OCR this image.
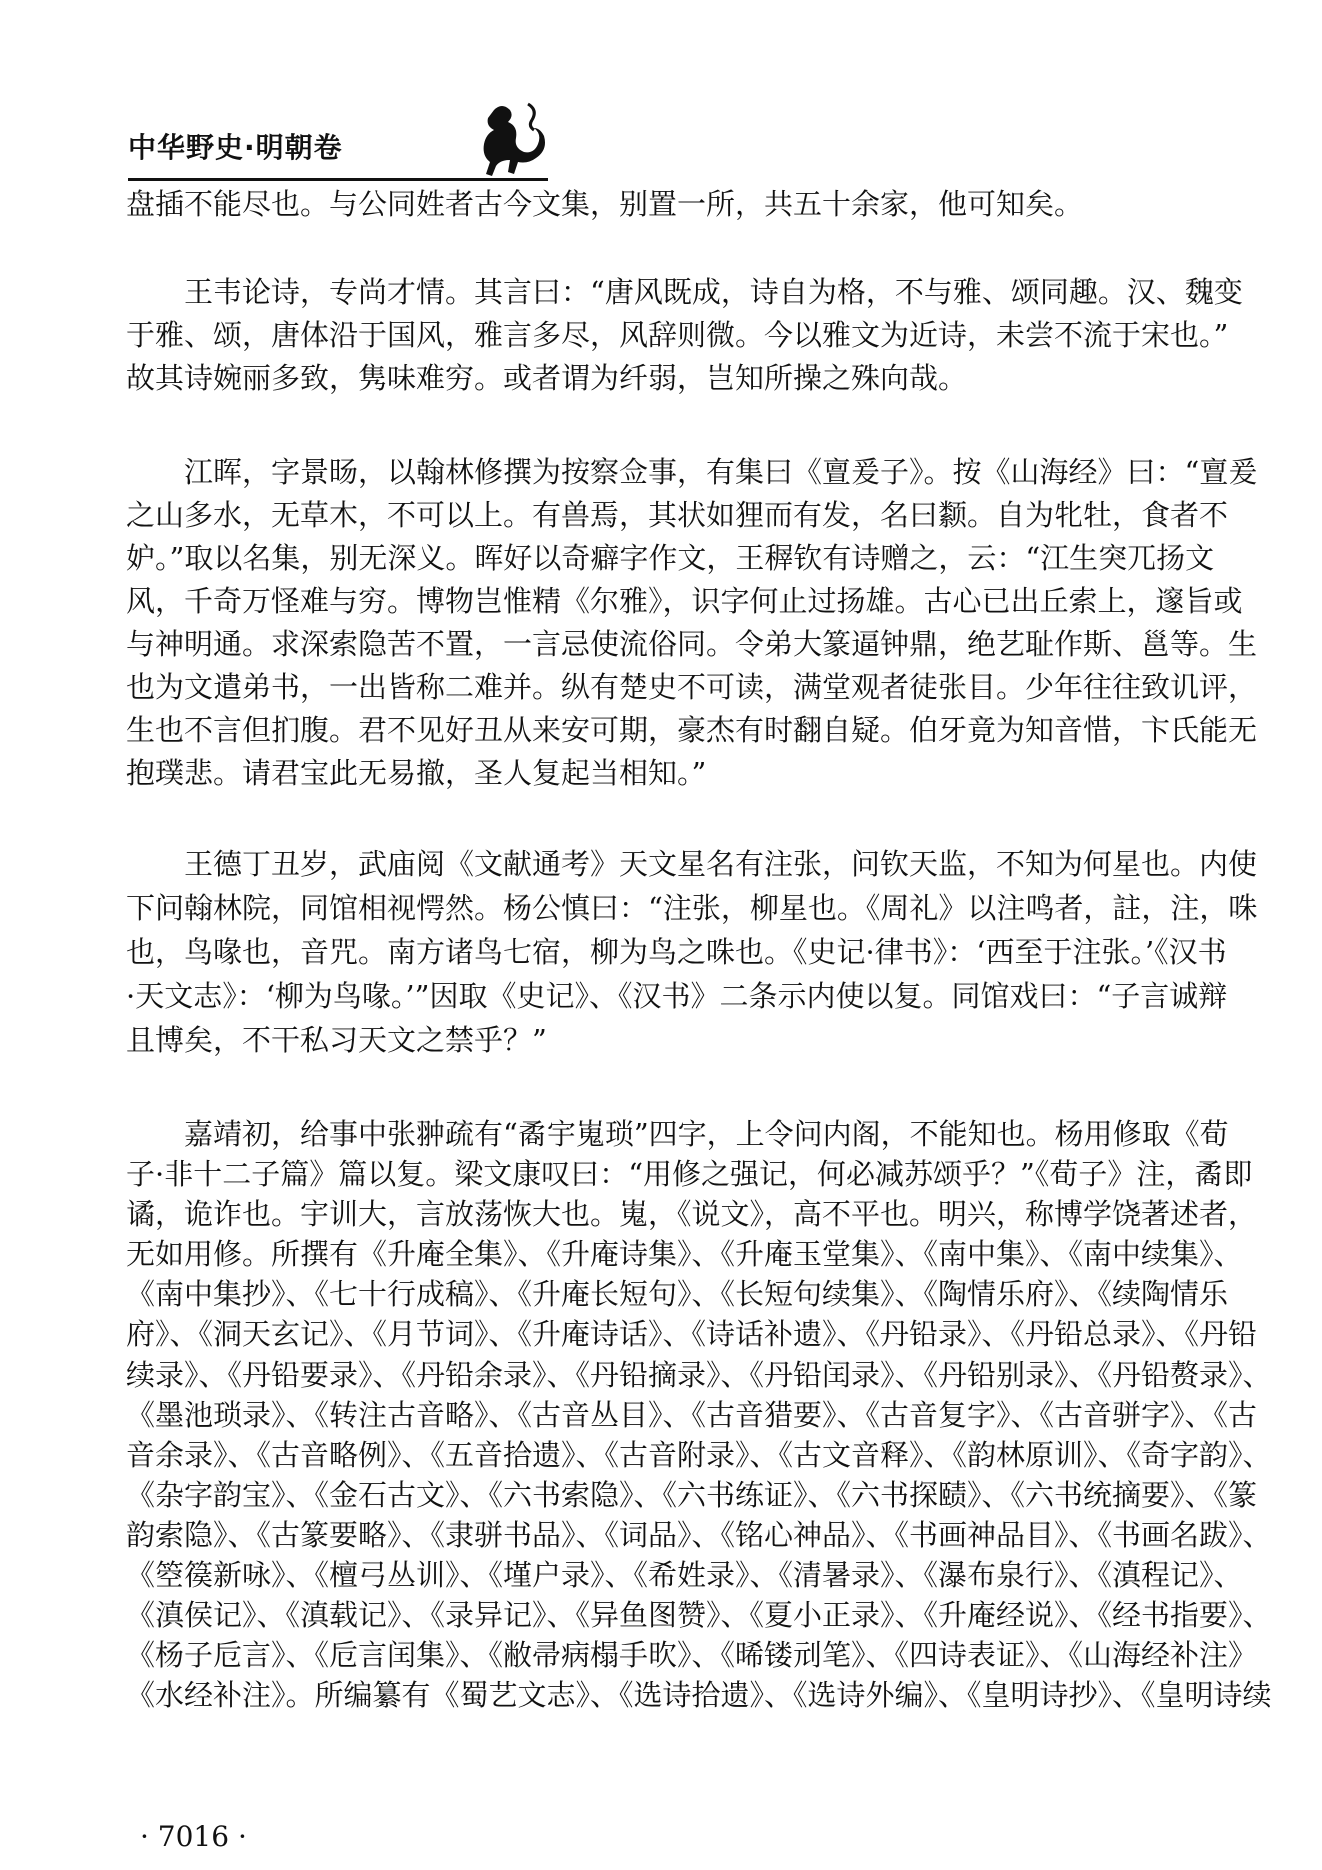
中华野史·明朝卷
盘插不能尽也。与公同姓者古今文集，别置一所，共五十余家，他可知矣。
王韦论诗，专尚才情。其言曰：“唐风既成，诗自为格，不与雅、颂同趣。汉、魏变
于雅、颂，唐体沿于国风，雅言多尽，风辞则微。今以雅文为近诗，未尝不流于宋也。”
故其诗婉丽多致，隽味难穷。或者谓为纤弱，岂知所操之殊向哉。
江晖，字景旸，以翰林修撰为按察佥事，有集曰《亶爰子》。按《山海经》曰：“亶爰
之山多水，无草木，不可以上。有兽焉，其状如狸而有发，名曰颣。自为牝牡，食者不
妒。”取以名集，别无深义。晖好以奇癖字作文，王稺钦有诗赠之，云：“江生突兀扬文
风，千奇万怪难与穷。博物岂惟精《尔雅》，识字何止过扬雄。古心已出丘索上，邃旨或
与神明通。求深索隐苦不置，一言忌使流俗同。令弟大篆逼钟鼎，绝艺耻作斯、邕等。生
也为文遣弟书，一出皆称二难并。纵有楚史不可读，满堂观者徒张目。少年往往致讥评，
生也不言但扪腹。君不见好丑从来安可期，豪杰有时翻自疑。伯牙竟为知音惜，卞氏能无
抱璞悲。请君宝此无易撤，圣人复起当相知。”
王德丁丑岁，武庙阅《文献通考》天文星名有注张，问钦天监，不知为何星也。内使
下问翰林院，同馆相视愕然。杨公慎曰：“注张，柳星也。《周礼》以注鸣者，註，注，咮
也，鸟喙也，音咒。南方诸鸟七宿，柳为鸟之咮也。《史记·律书》：‘西至于注张。’《汉书
·天文志》：‘柳为鸟喙。’”因取《史记》、《汉书》二条示内使以复。同馆戏曰：“子言诚辩
且博矣，不干私习天文之禁乎？”
嘉靖初，给事中张翀疏有“矞宇嵬琐”四字，上令问内阁，不能知也。杨用修取《荀
子·非十二子篇》篇以复。梁文康叹曰：“用修之强记，何必减苏颂乎？”《荀子》注，矞即
谲，诡诈也。宇训大，言放荡恢大也。嵬，《说文》，高不平也。明兴，称博学饶著述者，
无如用修。所撰有《升庵全集》、《升庵诗集》、《升庵玉堂集》、《南中集》、《南中续集》、
《南中集抄》、《七十行成稿》、《升庵长短句》、《长短句续集》、《陶情乐府》、《续陶情乐
府》、《洞天玄记》、《月节词》、《升庵诗话》、《诗话补遗》、《丹铅录》、《丹铅总录》、《丹铅
续录》、《丹铅要录》、《丹铅余录》、《丹铅摘录》、《丹铅闰录》、《丹铅别录》、《丹铅赘录》、
《墨池琐录》、《转注古音略》、《古音丛目》、《古音猎要》、《古音复字》、《古音骈字》、《古
音余录》、《古音略例》、《五音拾遗》、《古音附录》、《古文音释》、《韵林原训》、《奇字韵》、
《杂字韵宝》、《金石古文》、《六书索隐》、《六书练证》、《六书探赜》、《六书统摘要》、《篆
韵索隐》、《古篆要略》、《隶骈书品》、《词品》、《铭心神品》、《书画神品目》、《书画名跋》、
《箜篌新咏》、《檀弓丛训》、《墐户录》、《希姓录》、《清暑录》、《瀑布泉行》、《滇程记》、
《滇侯记》、《滇载记》、《录异记》、《异鱼图赞》、《夏小正录》、《升庵经说》、《经书指要》、
《杨子卮言》、《卮言闰集》、《敝帚病榻手欥》、《晞镂刓笔》、《四诗表证》、《山海经补注》
《水经补注》。所编纂有《蜀艺文志》、《选诗拾遗》、《选诗外编》、《皇明诗抄》、《皇明诗续
· 7016 ·
